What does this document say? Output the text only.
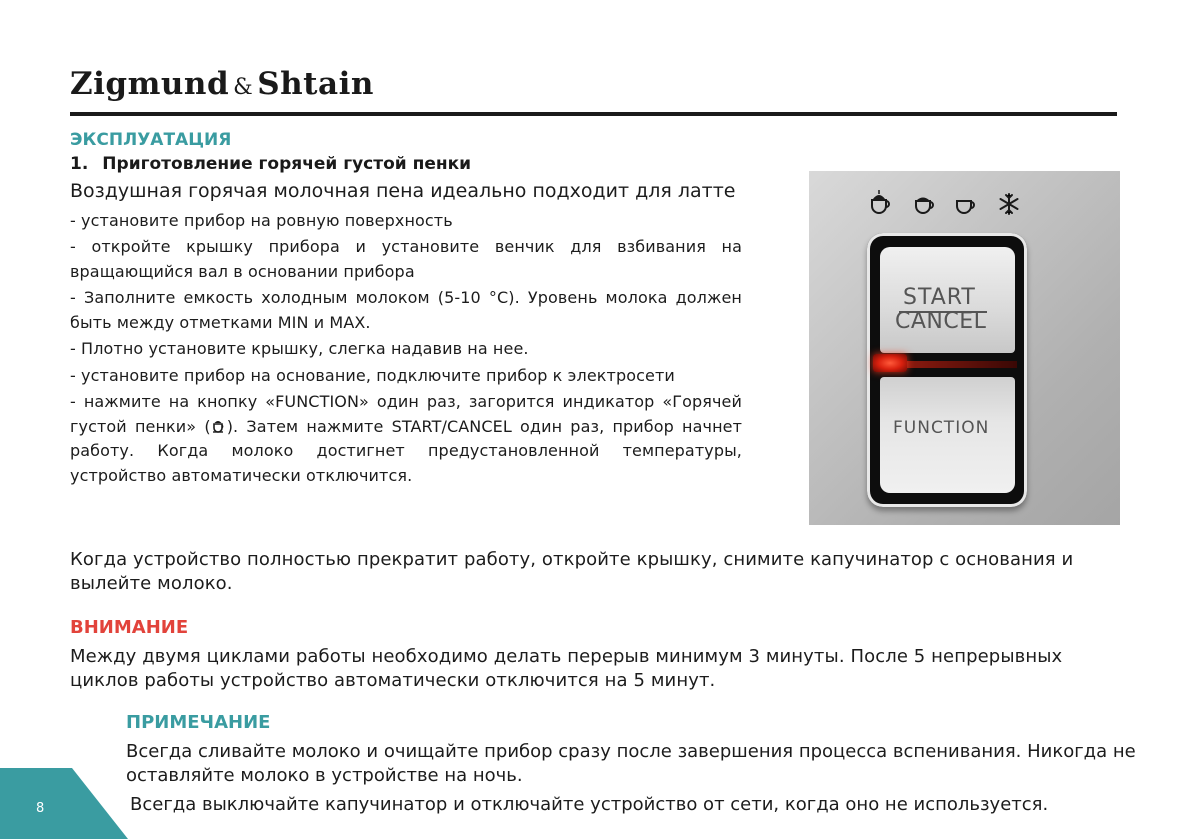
Zigmund & Shtain
ЭКСПЛУАТАЦИЯ
1. Приготовление горячей густой пенки
Воздушная горячая молочная пена идеально подходит для латте

- установите прибор на ровную поверхность

- откройте крышку прибора и установите венчик для взбивания на вращающийся вал в основании прибора

- Заполните емкость холодным молоком (5-10 °С). Уровень молока должен быть между отметками MIN и MAX.

- Плотно установите крышку, слегка надавив на нее.

- установите прибор на основание, подключите прибор к электросети

- нажмите на кнопку «FUNCTION» один раз, загорится индикатор «Горячей густой пенки» ( ). Затем нажмите START/CANCEL один раз, прибор начнет работу. Когда молоко достигнет предустановленной температуры, устройство автоматически отключится.

START
CANCEL
FUNCTION
Когда устройство полностью прекратит работу, откройте крышку, снимите капучинатор с основания и вылейте молоко.
ВНИМАНИЕ
Между двумя циклами работы необходимо делать перерыв минимум 3 минуты. После 5 непрерывных циклов работы устройство автоматически отключится на 5 минут.
ПРИМЕЧАНИЕ
Всегда сливайте молоко и очищайте прибор сразу после завершения процесса вспенивания. Никогда не оставляйте молоко в устройстве на ночь.
Всегда выключайте капучинатор и отключайте устройство от сети, когда оно не используется.
8
